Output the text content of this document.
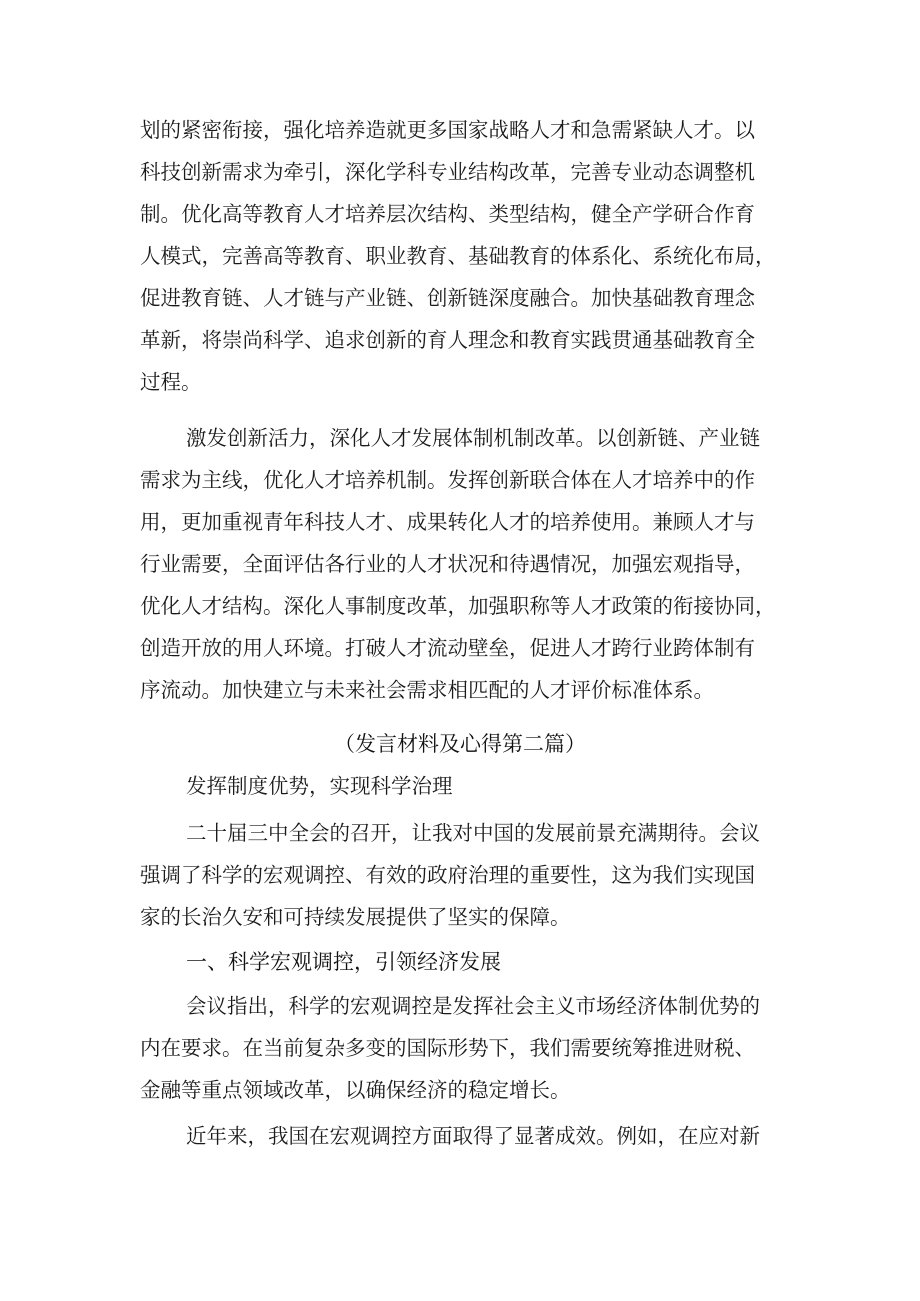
划的紧密衔接，强化培养造就更多国家战略人才和急需紧缺人才。以
科技创新需求为牵引，深化学科专业结构改革，完善专业动态调整机
制。优化高等教育人才培养层次结构、类型结构，健全产学研合作育
人模式，完善高等教育、职业教育、基础教育的体系化、系统化布局，
促进教育链、人才链与产业链、创新链深度融合。加快基础教育理念
革新，将崇尚科学、追求创新的育人理念和教育实践贯通基础教育全
过程。
激发创新活力，深化人才发展体制机制改革。以创新链、产业链
需求为主线，优化人才培养机制。发挥创新联合体在人才培养中的作
用，更加重视青年科技人才、成果转化人才的培养使用。兼顾人才与
行业需要，全面评估各行业的人才状况和待遇情况，加强宏观指导，
优化人才结构。深化人事制度改革，加强职称等人才政策的衔接协同，
创造开放的用人环境。打破人才流动壁垒，促进人才跨行业跨体制有
序流动。加快建立与未来社会需求相匹配的人才评价标准体系。
（发言材料及心得第二篇）
发挥制度优势，实现科学治理
二十届三中全会的召开，让我对中国的发展前景充满期待。会议
强调了科学的宏观调控、有效的政府治理的重要性，这为我们实现国
家的长治久安和可持续发展提供了坚实的保障。
一、科学宏观调控，引领经济发展
会议指出，科学的宏观调控是发挥社会主义市场经济体制优势的
内在要求。在当前复杂多变的国际形势下，我们需要统筹推进财税、
金融等重点领域改革，以确保经济的稳定增长。
近年来，我国在宏观调控方面取得了显著成效。例如，在应对新
